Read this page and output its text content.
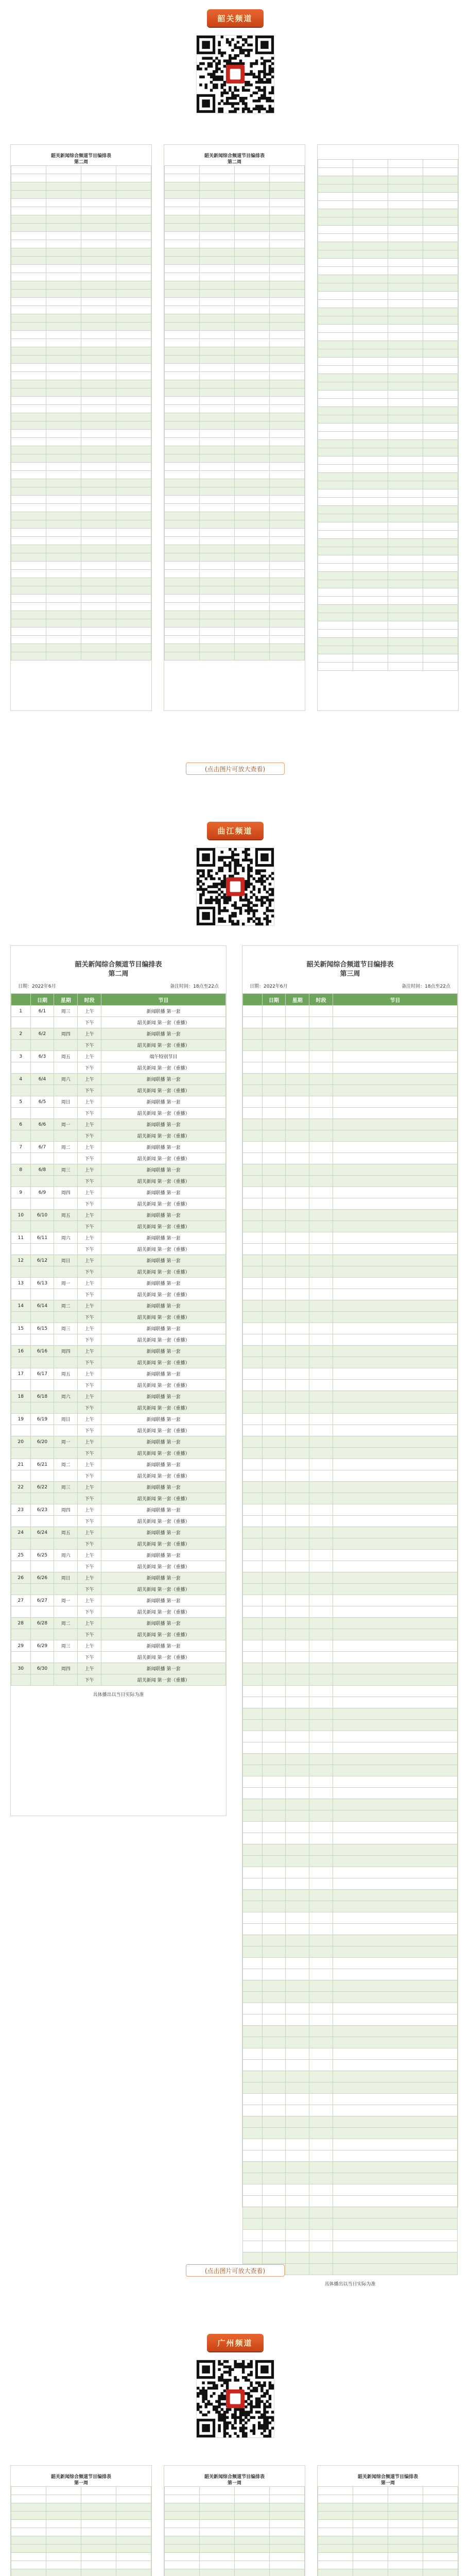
韶关频道
韶关新闻综合频道节目编排表
第二周

韶关新闻综合频道节目编排表
第二周

(点击图片可放大查看)
曲江频道
韶关新闻综合频道节目编排表
第二周
日期：2022年6月	备注时间：18点至22点
	日期	星期	时段	节目
1	6/1	周三	上午	新闻联播 第一套
			下午	韶关新闻 第一套（重播）
2	6/2	周四	上午	新闻联播 第一套
			下午	韶关新闻 第一套（重播）
3	6/3	周五	上午	端午特别节目
			下午	韶关新闻 第一套（重播）
4	6/4	周六	上午	新闻联播 第一套
			下午	韶关新闻 第一套（重播）
5	6/5	周日	上午	新闻联播 第一套
			下午	韶关新闻 第一套（重播）
6	6/6	周一	上午	新闻联播 第一套
			下午	韶关新闻 第一套（重播）
7	6/7	周二	上午	新闻联播 第一套
			下午	韶关新闻 第一套（重播）
8	6/8	周三	上午	新闻联播 第一套
			下午	韶关新闻 第一套（重播）
9	6/9	周四	上午	新闻联播 第一套
			下午	韶关新闻 第一套（重播）
10	6/10	周五	上午	新闻联播 第一套
			下午	韶关新闻 第一套（重播）
11	6/11	周六	上午	新闻联播 第一套
			下午	韶关新闻 第一套（重播）
12	6/12	周日	上午	新闻联播 第一套
			下午	韶关新闻 第一套（重播）
13	6/13	周一	上午	新闻联播 第一套
			下午	韶关新闻 第一套（重播）
14	6/14	周二	上午	新闻联播 第一套
			下午	韶关新闻 第一套（重播）
15	6/15	周三	上午	新闻联播 第一套
			下午	韶关新闻 第一套（重播）
16	6/16	周四	上午	新闻联播 第一套
			下午	韶关新闻 第一套（重播）
17	6/17	周五	上午	新闻联播 第一套
			下午	韶关新闻 第一套（重播）
18	6/18	周六	上午	新闻联播 第一套
			下午	韶关新闻 第一套（重播）
19	6/19	周日	上午	新闻联播 第一套
			下午	韶关新闻 第一套（重播）
20	6/20	周一	上午	新闻联播 第一套
			下午	韶关新闻 第一套（重播）
21	6/21	周二	上午	新闻联播 第一套
			下午	韶关新闻 第一套（重播）
22	6/22	周三	上午	新闻联播 第一套
			下午	韶关新闻 第一套（重播）
23	6/23	周四	上午	新闻联播 第一套
			下午	韶关新闻 第一套（重播）
24	6/24	周五	上午	新闻联播 第一套
			下午	韶关新闻 第一套（重播）
25	6/25	周六	上午	新闻联播 第一套
			下午	韶关新闻 第一套（重播）
26	6/26	周日	上午	新闻联播 第一套
			下午	韶关新闻 第一套（重播）
27	6/27	周一	上午	新闻联播 第一套
			下午	韶关新闻 第一套（重播）
28	6/28	周二	上午	新闻联播 第一套
			下午	韶关新闻 第一套（重播）
29	6/29	周三	上午	新闻联播 第一套
			下午	韶关新闻 第一套（重播）
30	6/30	周四	上午	新闻联播 第一套
			下午	韶关新闻 第一套（重播）
具体播出以当日实际为准
韶关新闻综合频道节目编排表
第三周
日期：2022年6月	备注时间：18点至22点
	日期	星期	时段	节目

具体播出以当日实际为准
(点击图片可放大查看)
广州频道
韶关新闻综合频道节目编排表
第一周

韶关新闻综合频道节目编排表
第一周

韶关新闻综合频道节目编排表
第一周
